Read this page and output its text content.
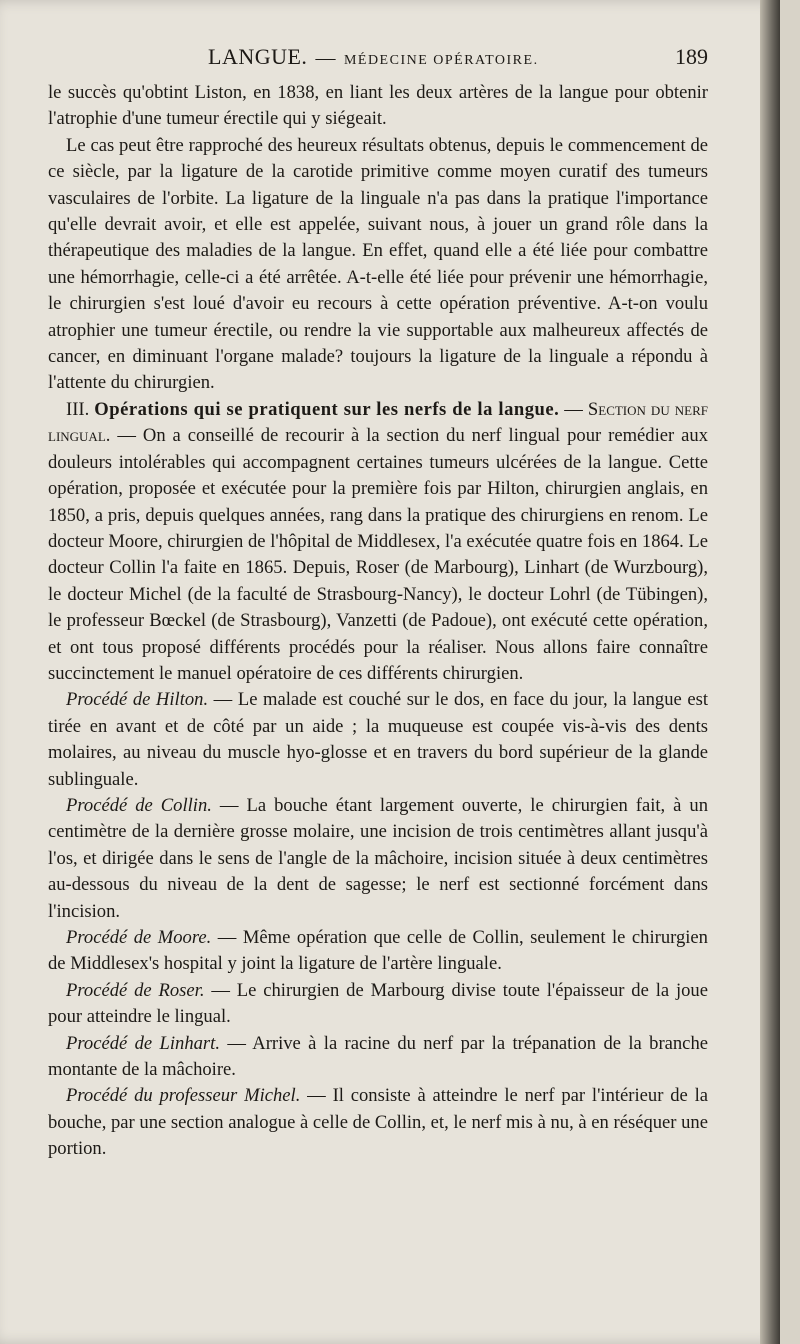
LANGUE. — MÉDECINE OPÉRATOIRE.	189

le succès qu'obtint Liston, en 1838, en liant les deux artères de la langue pour obtenir l'atrophie d'une tumeur érectile qui y siégeait.

Le cas peut être rapproché des heureux résultats obtenus, depuis le commencement de ce siècle, par la ligature de la carotide primitive comme moyen curatif des tumeurs vasculaires de l'orbite. La ligature de la linguale n'a pas dans la pratique l'importance qu'elle devrait avoir, et elle est appelée, suivant nous, à jouer un grand rôle dans la thérapeutique des maladies de la langue. En effet, quand elle a été liée pour combattre une hémorrhagie, celle-ci a été arrêtée. A-t-elle été liée pour prévenir une hémorrhagie, le chirurgien s'est loué d'avoir eu recours à cette opération préventive. A-t-on voulu atrophier une tumeur érectile, ou rendre la vie supportable aux malheureux affectés de cancer, en diminuant l'organe malade? toujours la ligature de la linguale a répondu à l'attente du chirurgien.

III. Opérations qui se pratiquent sur les nerfs de la langue. — Section du nerf lingual. — On a conseillé de recourir à la section du nerf lingual pour remédier aux douleurs intolérables qui accompagnent certaines tumeurs ulcérées de la langue. Cette opération, proposée et exécutée pour la première fois par Hilton, chirurgien anglais, en 1850, a pris, depuis quelques années, rang dans la pratique des chirurgiens en renom. Le docteur Moore, chirurgien de l'hôpital de Middlesex, l'a exécutée quatre fois en 1864. Le docteur Collin l'a faite en 1865. Depuis, Roser (de Marbourg), Linhart (de Wurzbourg), le docteur Michel (de la faculté de Strasbourg-Nancy), le docteur Lohrl (de Tübingen), le professeur Bœckel (de Strasbourg), Vanzetti (de Padoue), ont exécuté cette opération, et ont tous proposé différents procédés pour la réaliser. Nous allons faire connaître succinctement le manuel opératoire de ces différents chirurgien.

Procédé de Hilton. — Le malade est couché sur le dos, en face du jour, la langue est tirée en avant et de côté par un aide ; la muqueuse est coupée vis-à-vis des dents molaires, au niveau du muscle hyo-glosse et en travers du bord supérieur de la glande sublinguale.

Procédé de Collin. — La bouche étant largement ouverte, le chirurgien fait, à un centimètre de la dernière grosse molaire, une incision de trois centimètres allant jusqu'à l'os, et dirigée dans le sens de l'angle de la mâchoire, incision située à deux centimètres au-dessous du niveau de la dent de sagesse; le nerf est sectionné forcément dans l'incision.

Procédé de Moore. — Même opération que celle de Collin, seulement le chirurgien de Middlesex's hospital y joint la ligature de l'artère linguale.

Procédé de Roser. — Le chirurgien de Marbourg divise toute l'épaisseur de la joue pour atteindre le lingual.

Procédé de Linhart. — Arrive à la racine du nerf par la trépanation de la branche montante de la mâchoire.

Procédé du professeur Michel. — Il consiste à atteindre le nerf par l'intérieur de la bouche, par une section analogue à celle de Collin, et, le nerf mis à nu, à en réséquer une portion.
